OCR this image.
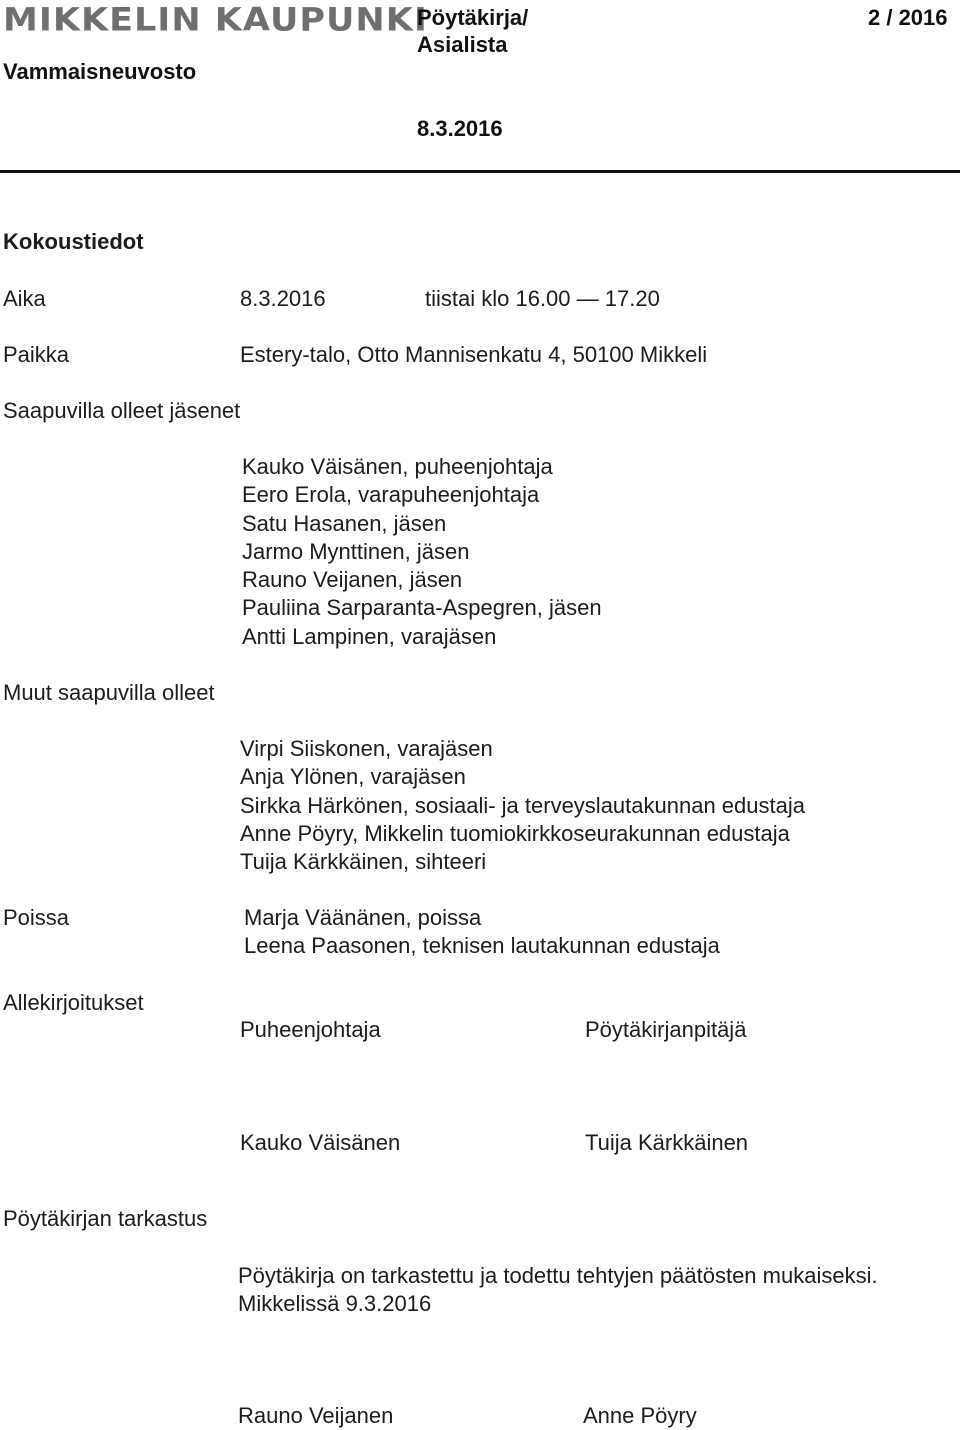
MIKKELIN KAUPUNKI
Vammaisneuvosto
Pöytäkirja/
Asialista
2 / 2016
8.3.2016
Kokoustiedot
Aika	8.3.2016	tiistai klo 16.00 — 17.20
Paikka	Estery-talo, Otto Mannisenkatu 4, 50100 Mikkeli
Saapuvilla olleet jäsenet
Kauko Väisänen, puheenjohtaja
Eero Erola, varapuheenjohtaja
Satu Hasanen, jäsen
Jarmo Mynttinen, jäsen
Rauno Veijanen, jäsen
Pauliina Sarparanta-Aspegren, jäsen
Antti Lampinen, varajäsen
Muut saapuvilla olleet
Virpi Siiskonen, varajäsen
Anja Ylönen, varajäsen
Sirkka Härkönen, sosiaali- ja terveyslautakunnan edustaja
Anne Pöyry, Mikkelin tuomiokirkkoseurakunnan edustaja
Tuija Kärkkäinen, sihteeri
Poissa	Marja Väänänen, poissa
Leena Paasonen, teknisen lautakunnan edustaja
Allekirjoitukset
Puheenjohtaja	Pöytäkirjanpitäjä
Kauko Väisänen	Tuija Kärkkäinen
Pöytäkirjan tarkastus
Pöytäkirja on tarkastettu ja todettu tehtyjen päätösten mukaiseksi.
Mikkelissä 9.3.2016
Rauno Veijanen	Anne Pöyry
